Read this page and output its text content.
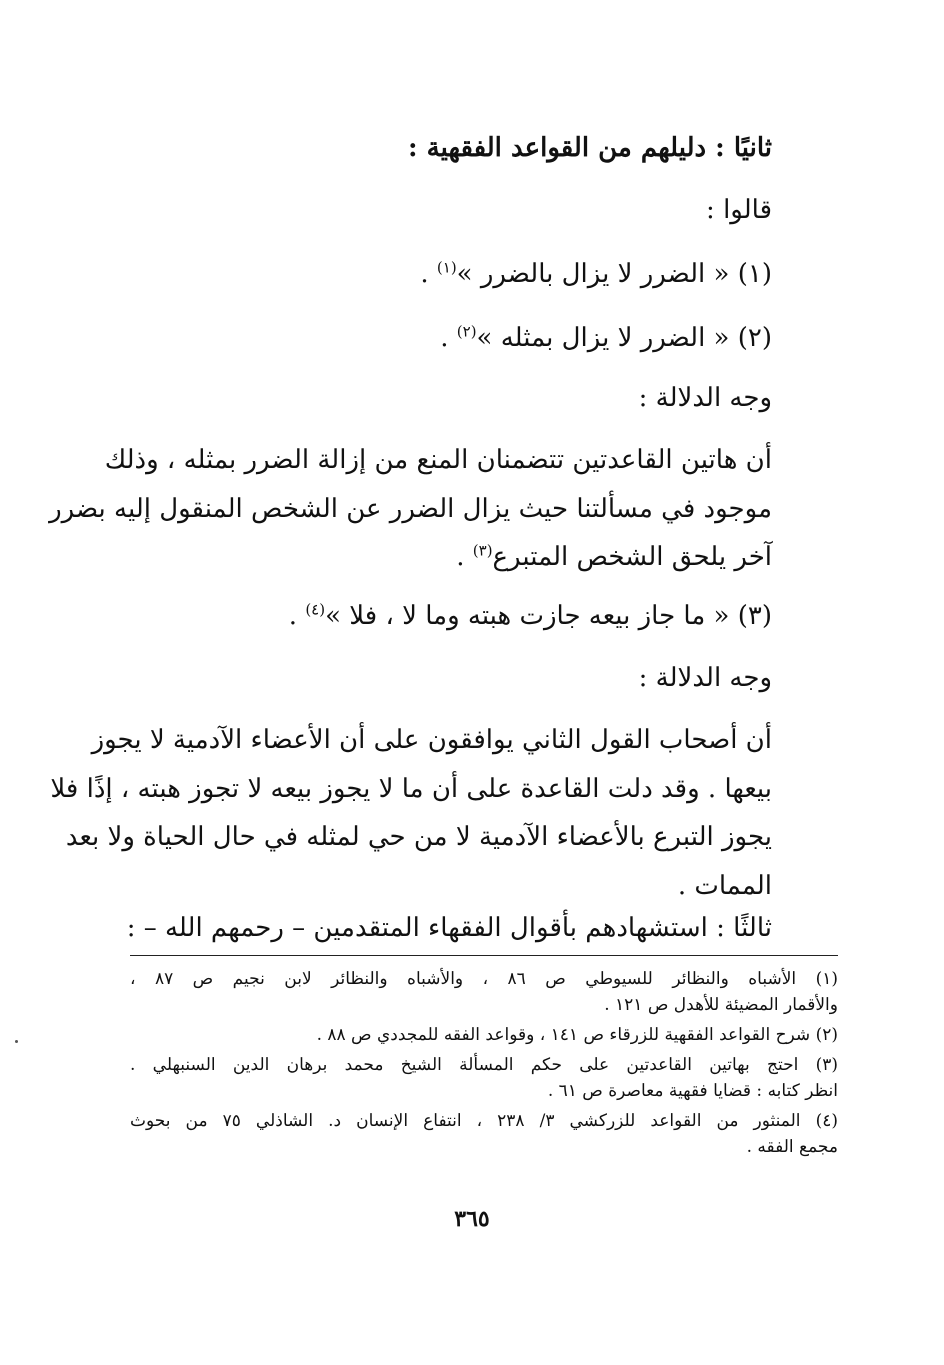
ثانيًا : دليلهم من القواعد الفقهية :
قالوا :
(١) « الضرر لا يزال بالضرر »$^{(١)}$ .
(٢) « الضرر لا يزال بمثله »$^{(٢)}$ .
وجه الدلالة :
أن هاتين القاعدتين تتضمنان المنع من إزالة الضرر بمثله ، وذلك
موجود في مسألتنا حيث يزال الضرر عن الشخص المنقول إليه بضرر
آخر يلحق الشخص المتبرع$^{(٣)}$ .
(٣) « ما جاز بيعه جازت هبته وما لا ، فلا »$^{(٤)}$ .
وجه الدلالة :
أن أصحاب القول الثاني يوافقون على أن الأعضاء الآدمية لا يجوز
بيعها . وقد دلت القاعدة على أن ما لا يجوز بيعه لا تجوز هبته ، إذًا فلا
يجوز التبرع بالأعضاء الآدمية لا من حي لمثله في حال الحياة ولا بعد
الممات .
ثالثًا : استشهادهم بأقوال الفقهاء المتقدمين – رحمهم الله – :
(١) الأشباه والنظائر للسيوطي ص ٨٦ ، والأشباه والنظائر لابن نجيم ص ٨٧ ،
والأقمار المضيئة للأهدل ص ١٢١ .
(٢) شرح القواعد الفقهية للزرقاء ص ١٤١ ، وقواعد الفقه للمجددي ص ٨٨ .
(٣) احتج بهاتين القاعدتين على حكم المسألة الشيخ محمد برهان الدين السنبهلي .
انظر كتابه : قضايا فقهية معاصرة ص ٦١ .
(٤) المنثور من القواعد للزركشي ٣/ ٢٣٨ ، انتفاع الإنسان د. الشاذلي ٧٥ من بحوث
مجمع الفقه .
٣٦٥
